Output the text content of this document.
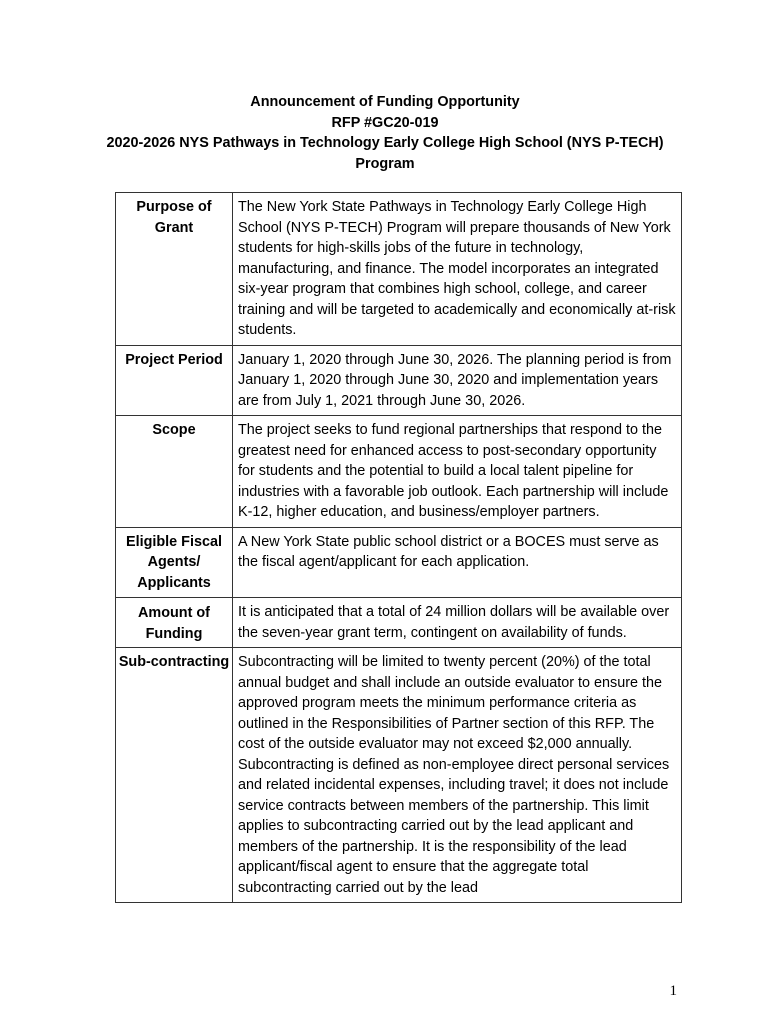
Announcement of Funding Opportunity
RFP #GC20-019
2020-2026 NYS Pathways in Technology Early College High School (NYS P-TECH)
Program
Purpose of Grant	The New York State Pathways in Technology Early College High School (NYS P-TECH) Program will prepare thousands of New York students for high-skills jobs of the future in technology, manufacturing, and finance. The model incorporates an integrated six-year program that combines high school, college, and career training and will be targeted to academically and economically at-risk students.
Project Period	January 1, 2020 through June 30, 2026. The planning period is from January 1, 2020 through June 30, 2020 and implementation years are from July 1, 2021 through June 30, 2026.
Scope	The project seeks to fund regional partnerships that respond to the greatest need for enhanced access to post-secondary opportunity for students and the potential to build a local talent pipeline for industries with a favorable job outlook. Each partnership will include K-12, higher education, and business/employer partners.
Eligible Fiscal Agents/ Applicants	A New York State public school district or a BOCES must serve as the fiscal agent/applicant for each application.
Amount of Funding	It is anticipated that a total of 24 million dollars will be available over the seven-year grant term, contingent on availability of funds.
Sub-contracting	Subcontracting will be limited to twenty percent (20%) of the total annual budget and shall include an outside evaluator to ensure the approved program meets the minimum performance criteria as outlined in the Responsibilities of Partner section of this RFP. The cost of the outside evaluator may not exceed $2,000 annually. Subcontracting is defined as non-employee direct personal services and related incidental expenses, including travel; it does not include service contracts between members of the partnership. This limit applies to subcontracting carried out by the lead applicant and members of the partnership. It is the responsibility of the lead applicant/fiscal agent to ensure that the aggregate total subcontracting carried out by the lead
1
